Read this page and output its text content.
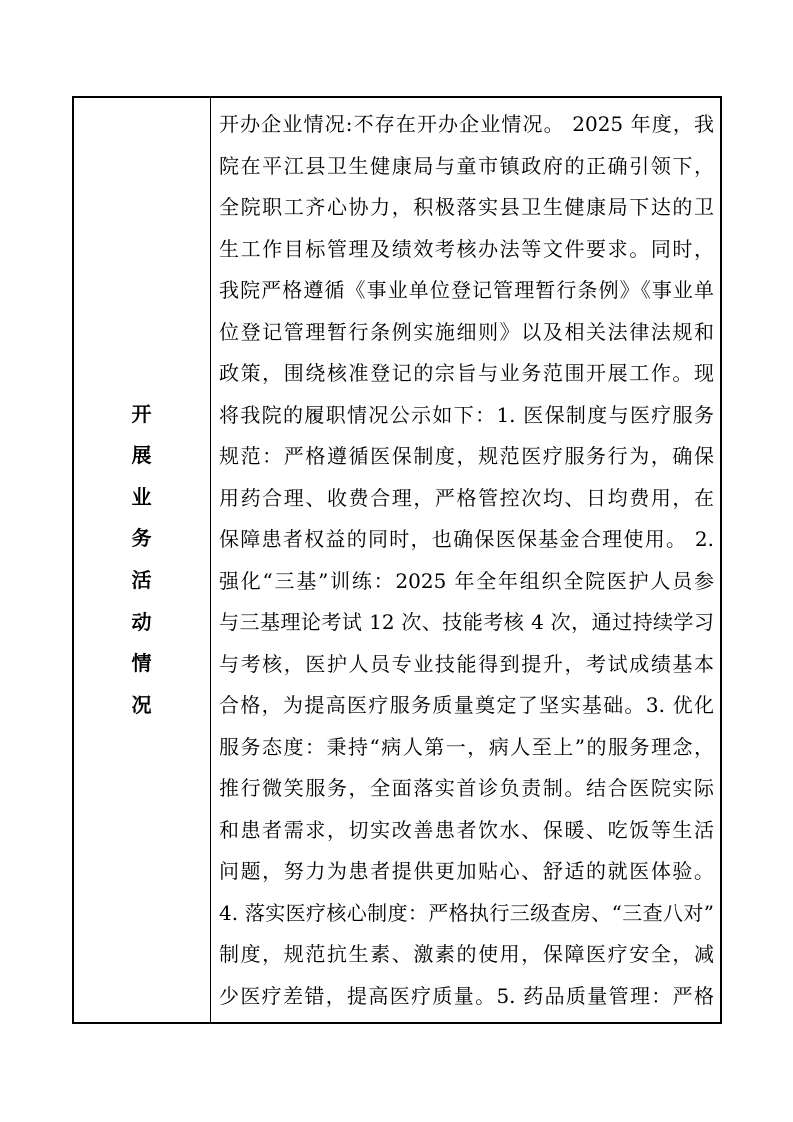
开展业务活动情况
开办企业情况:不存在开办企业情况。 2025 年度，我
院在平江县卫生健康局与童市镇政府的正确引领下，
全院职工齐心协力，积极落实县卫生健康局下达的卫
生工作目标管理及绩效考核办法等文件要求。同时，
我院严格遵循《事业单位登记管理暂行条例》《事业单
位登记管理暂行条例实施细则》以及相关法律法规和
政策，围绕核准登记的宗旨与业务范围开展工作。现
将我院的履职情况公示如下：1. 医保制度与医疗服务
规范：严格遵循医保制度，规范医疗服务行为，确保
用药合理、收费合理，严格管控次均、日均费用，在
保障患者权益的同时，也确保医保基金合理使用。 2.
强化“三基”训练：2025 年全年组织全院医护人员参
与三基理论考试 12 次、技能考核 4 次，通过持续学习
与考核，医护人员专业技能得到提升，考试成绩基本
合格，为提高医疗服务质量奠定了坚实基础。3. 优化
服务态度：秉持“病人第一，病人至上”的服务理念，
推行微笑服务，全面落实首诊负责制。结合医院实际
和患者需求，切实改善患者饮水、保暖、吃饭等生活
问题，努力为患者提供更加贴心、舒适的就医体验。
4. 落实医疗核心制度：严格执行三级查房、“三查八对”
制度，规范抗生素、激素的使用，保障医疗安全，减
少医疗差错，提高医疗质量。5. 药品质量管理：严格
